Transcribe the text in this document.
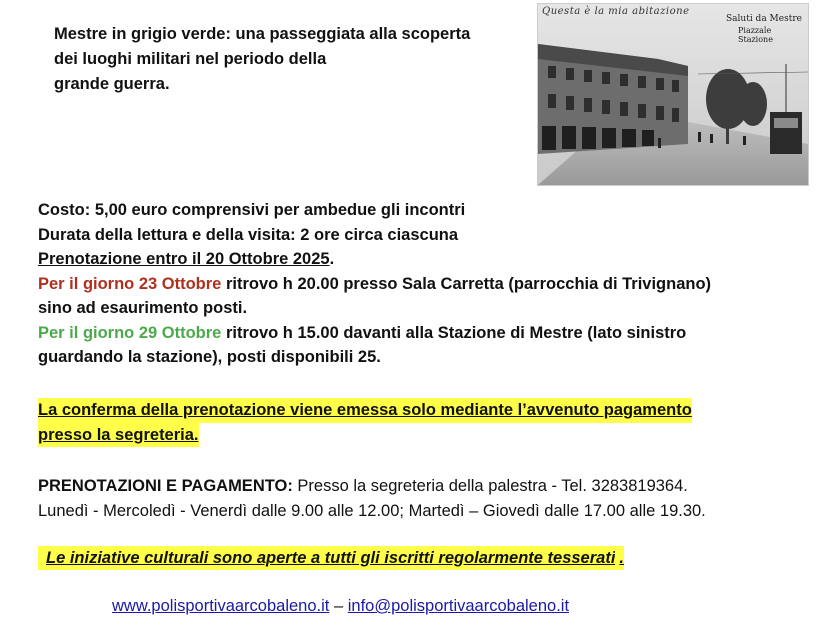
Mestre in grigio verde: una passeggiata alla scoperta
dei luoghi militari nel periodo della
grande guerra.
Questa è la mia abitazione
Saluti da Mestre
Piazzale Stazione
Costo: 5,00 euro comprensivi per ambedue gli incontri
Durata della lettura e della visita: 2 ore circa ciascuna
Prenotazione entro il 20 Ottobre 2025.
Per il giorno 23 Ottobre ritrovo h 20.00 presso Sala Carretta (parrocchia di Trivignano)
sino ad esaurimento posti.
Per il giorno 29 Ottobre ritrovo h 15.00 davanti alla Stazione di Mestre (lato sinistro
guardando la stazione), posti disponibili 25.
La conferma della prenotazione viene emessa solo mediante l’avvenuto pagamento
presso la segreteria.
PRENOTAZIONI E PAGAMENTO: Presso la segreteria della palestra - Tel. 3283819364.
Lunedì - Mercoledì - Venerdì dalle 9.00 alle 12.00; Martedì – Giovedì dalle 17.00 alle 19.30.
Le iniziative culturali sono aperte a tutti gli iscritti regolarmente tesserati .
www.polisportivaarcobaleno.it – info@polisportivaarcobaleno.it
